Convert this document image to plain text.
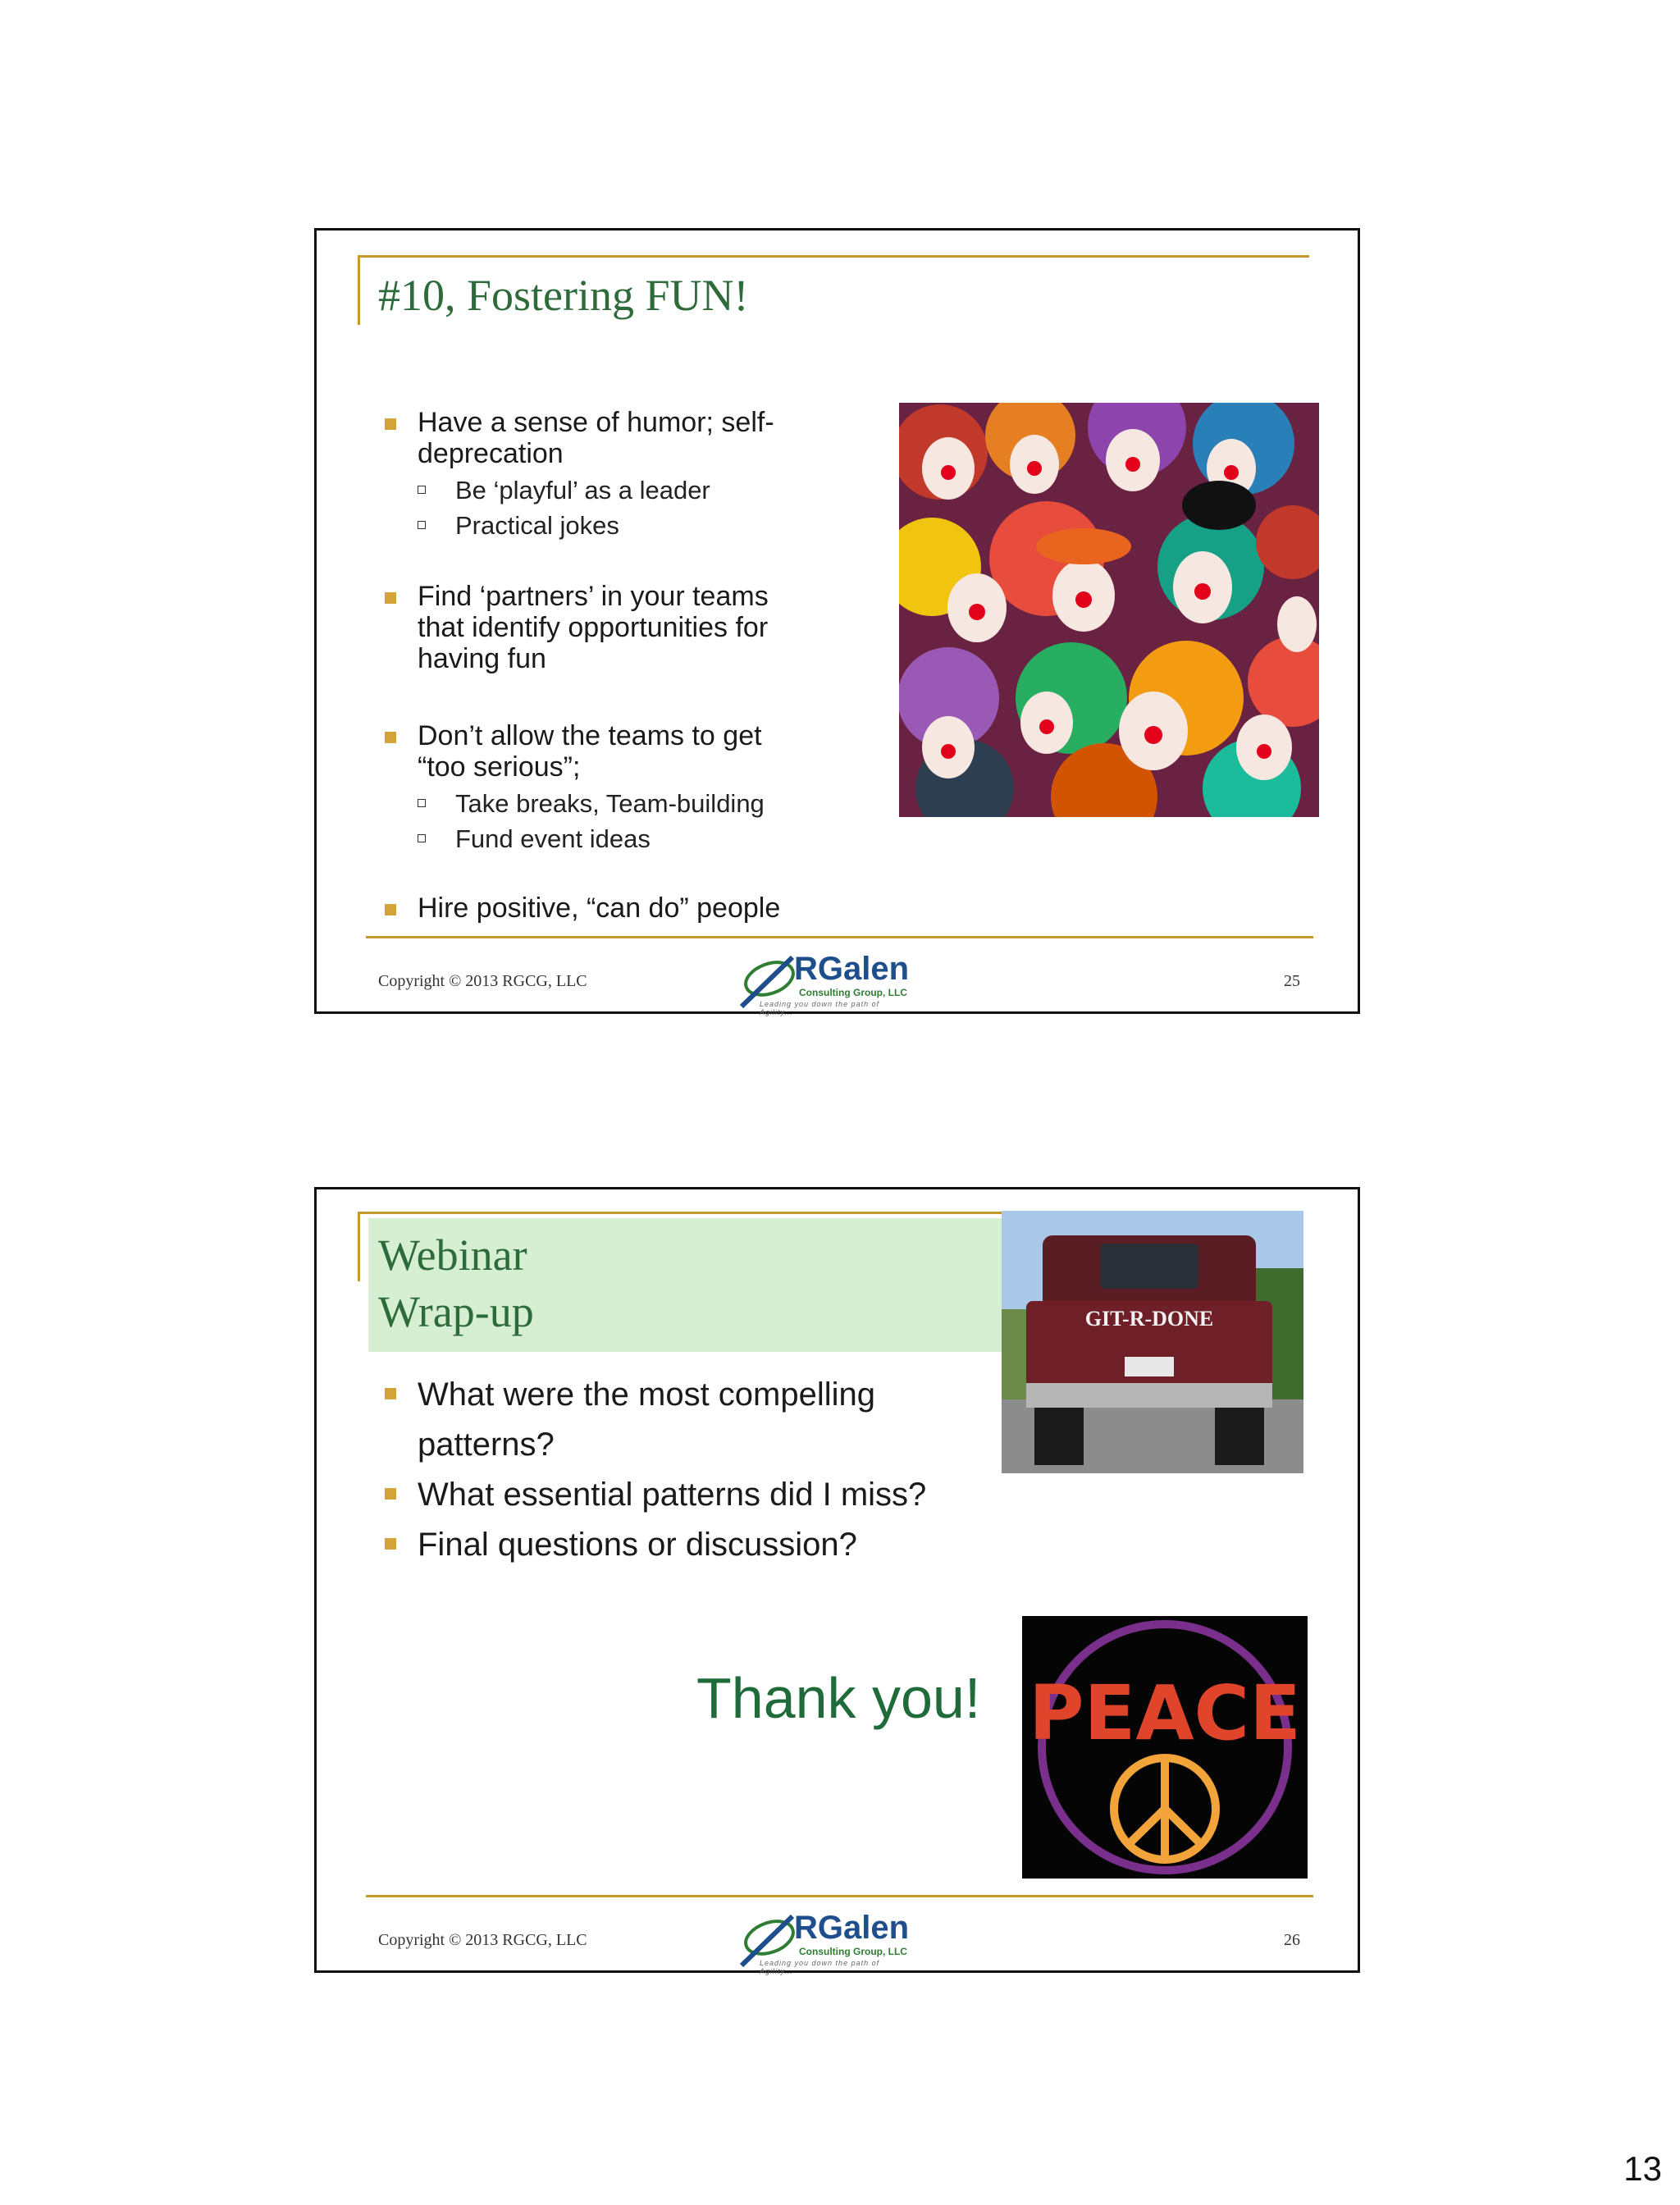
#10, Fostering FUN!
Have a sense of humor; self-
deprecation
Be ‘playful’ as a leader
Practical jokes
Find ‘partners’ in your teams
that identify opportunities for
having fun
Don’t allow the teams to get
“too serious”;
Take breaks, Team-building
Fund event ideas
Hire positive, “can do” people
Copyright © 2013 RGCG, LLC	RGalen
Consulting Group, LLC
Leading you down the path of Agility...
25
Webinar
Wrap-up	GIT-R-DONE
What were the most compelling
patterns?
What essential patterns did I miss?
Final questions or discussion?
Thank you! PEACE
Copyright © 2013 RGCG, LLC	RGalen
Consulting Group, LLC
Leading you down the path of Agility...
26
13
